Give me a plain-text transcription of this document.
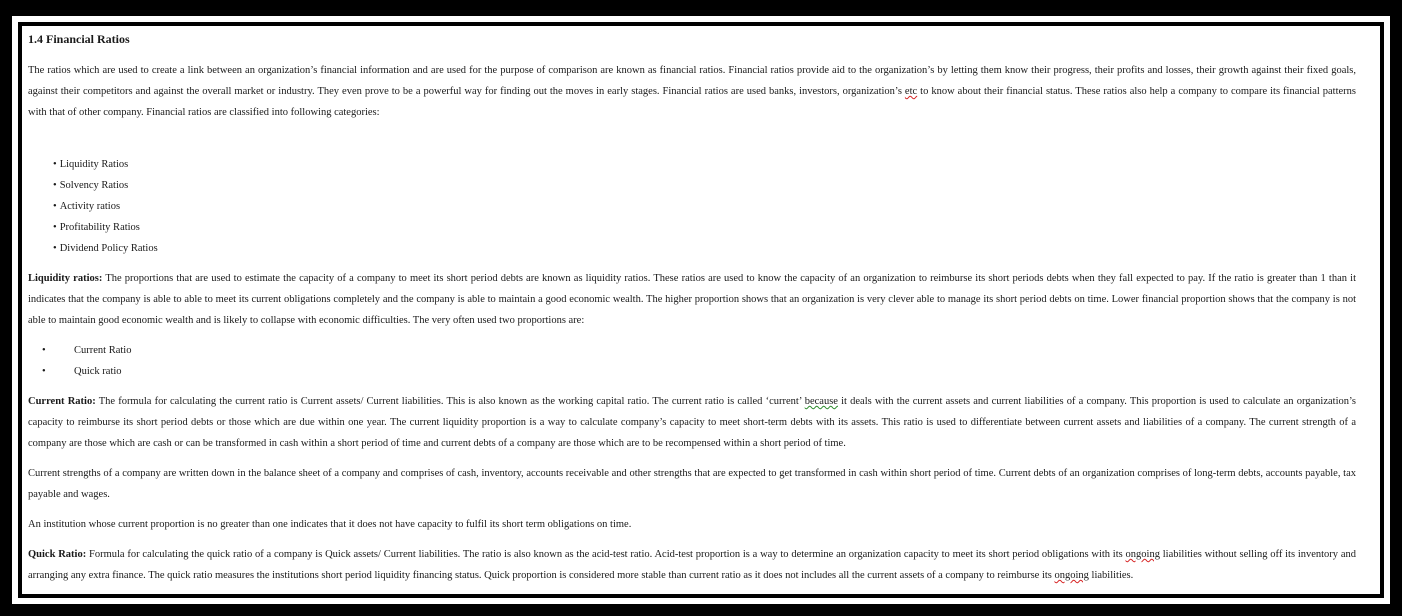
1.4 Financial Ratios

The ratios which are used to create a link between an organization’s financial information and are used for the purpose of comparison are known as financial ratios. Financial ratios provide aid to the organization’s by letting them know their progress, their profits and losses, their growth against their fixed goals, against their competitors and against the overall market or industry. They even prove to be a powerful way for finding out the moves in early stages. Financial ratios are used banks, investors, organization’s etc to know about their financial status. These ratios also help a company to compare its financial patterns with that of other company. Financial ratios are classified into following categories:

• Liquidity Ratios
• Solvency Ratios
• Activity ratios
• Profitability Ratios
• Dividend Policy Ratios

Liquidity ratios: The proportions that are used to estimate the capacity of a company to meet its short period debts are known as liquidity ratios. These ratios are used to know the capacity of an organization to reimburse its short periods debts when they fall expected to pay. If the ratio is greater than 1 than it indicates that the company is able to able to meet its current obligations completely and the company is able to maintain a good economic wealth. The higher proportion shows that an organization is very clever able to manage its short period debts on time. Lower financial proportion shows that the company is not able to maintain good economic wealth and is likely to collapse with economic difficulties. The very often used two proportions are:

• Current Ratio
• Quick ratio

Current Ratio: The formula for calculating the current ratio is Current assets/ Current liabilities. This is also known as the working capital ratio. The current ratio is called ‘current’ because it deals with the current assets and current liabilities of a company. This proportion is used to calculate an organization’s capacity to reimburse its short period debts or those which are due within one year. The current liquidity proportion is a way to calculate company’s capacity to meet short-term debts with its assets. This ratio is used to differentiate between current assets and liabilities of a company. The current strength of a company are those which are cash or can be transformed in cash within a short period of time and current debts of a company are those which are to be recompensed within a short period of time.

Current strengths of a company are written down in the balance sheet of a company and comprises of cash, inventory, accounts receivable and other strengths that are expected to get transformed in cash within short period of time. Current debts of an organization comprises of long-term debts, accounts payable, tax payable and wages.

An institution whose current proportion is no greater than one indicates that it does not have capacity to fulfil its short term obligations on time.

Quick Ratio: Formula for calculating the quick ratio of a company is Quick assets/ Current liabilities. The ratio is also known as the acid-test ratio. Acid-test proportion is a way to determine an organization capacity to meet its short period obligations with its ongoing liabilities without selling off its inventory and arranging any extra finance. The quick ratio measures the institutions short period liquidity financing status. Quick proportion is considered more stable than current ratio as it does not includes all the current assets of a company to reimburse its ongoing liabilities.
